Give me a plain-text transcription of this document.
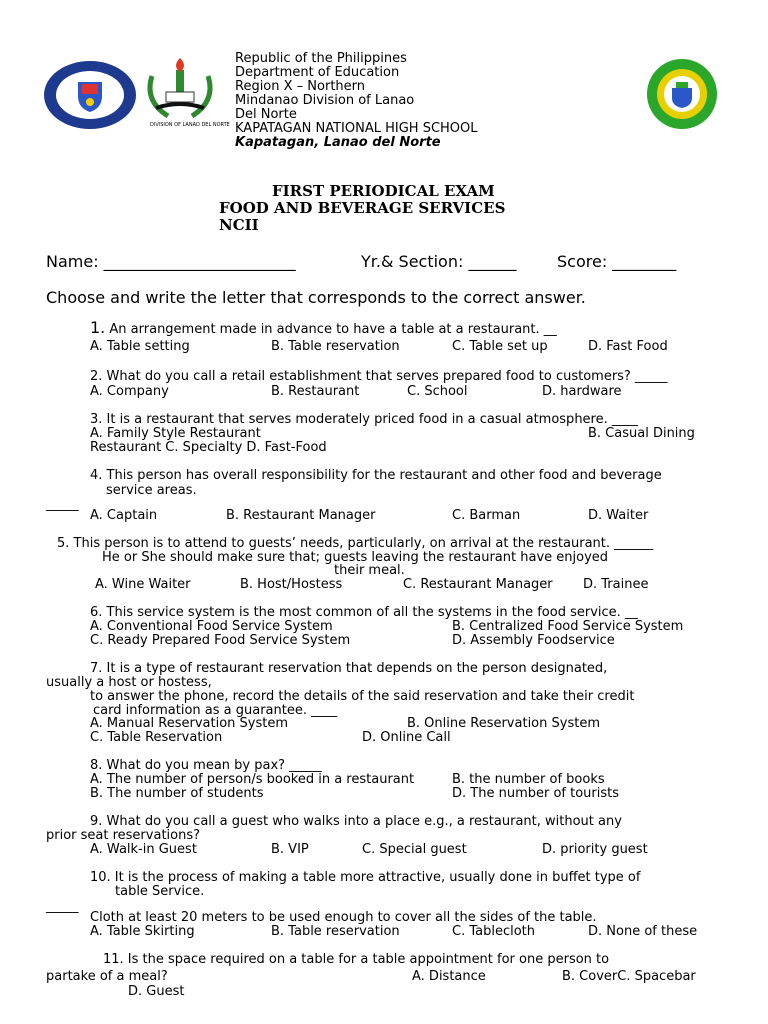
DIVISION OF LANAO DEL NORTE
Republic of the Philippines
Department of Education
Region X – Northern
Mindanao Division of Lanao
Del Norte
KAPATAGAN NATIONAL HIGH SCHOOL
Kapatagan, Lanao del Norte
FIRST PERIODICAL EXAM
FOOD AND BEVERAGE SERVICES
NCII
Name: ________________________	Yr.& Section: ______	Score: ________
Choose and write the letter that corresponds to the correct answer.
1. An arrangement made in advance to have a table at a restaurant. __
A. Table setting	B. Table reservation	C. Table set up	D. Fast Food
2. What do you call a retail establishment that serves prepared food to customers? _____
A. Company	B. Restaurant	C. School	D. hardware
3. It is a restaurant that serves moderately priced food in a casual atmosphere. ____
A. Family Style Restaurant	B. Casual Dining
Restaurant C. Specialty D. Fast-Food
4. This person has overall responsibility for the restaurant and other food and beverage
service areas.
_____
A. Captain	B. Restaurant Manager	C. Barman	D. Waiter
5. This person is to attend to guests’ needs, particularly, on arrival at the restaurant. ______
He or She should make sure that; guests leaving the restaurant have enjoyed
their meal.
A. Wine Waiter	B. Host/Hostess	C. Restaurant Manager D. Trainee
6. This service system is the most common of all the systems in the food service. __
A. Conventional Food Service System	B. Centralized Food Service System
C. Ready Prepared Food Service System	D. Assembly Foodservice
7. It is a type of restaurant reservation that depends on the person designated,
usually a host or hostess,
to answer the phone, record the details of the said reservation and take their credit
card information as a guarantee. ____
A. Manual Reservation System	B. Online Reservation System
C. Table Reservation	D. Online Call
8. What do you mean by pax? _____
A. The number of person/s booked in a restaurant	B. the number of books
B. The number of students	D. The number of tourists
9. What do you call a guest who walks into a place e.g., a restaurant, without any
prior seat reservations?
A. Walk-in Guest	B. VIP	C. Special guest	D. priority guest
10. It is the process of making a table more attractive, usually done in buffet type of
table Service.
_____
Cloth at least 20 meters to be used enough to cover all the sides of the table.
A. Table Skirting	B. Table reservation	C. Tablecloth	D. None of these
11. Is the space required on a table for a table appointment for one person to
partake of a meal?	A. Distance	B. CoverC. Spacebar
D. Guest
